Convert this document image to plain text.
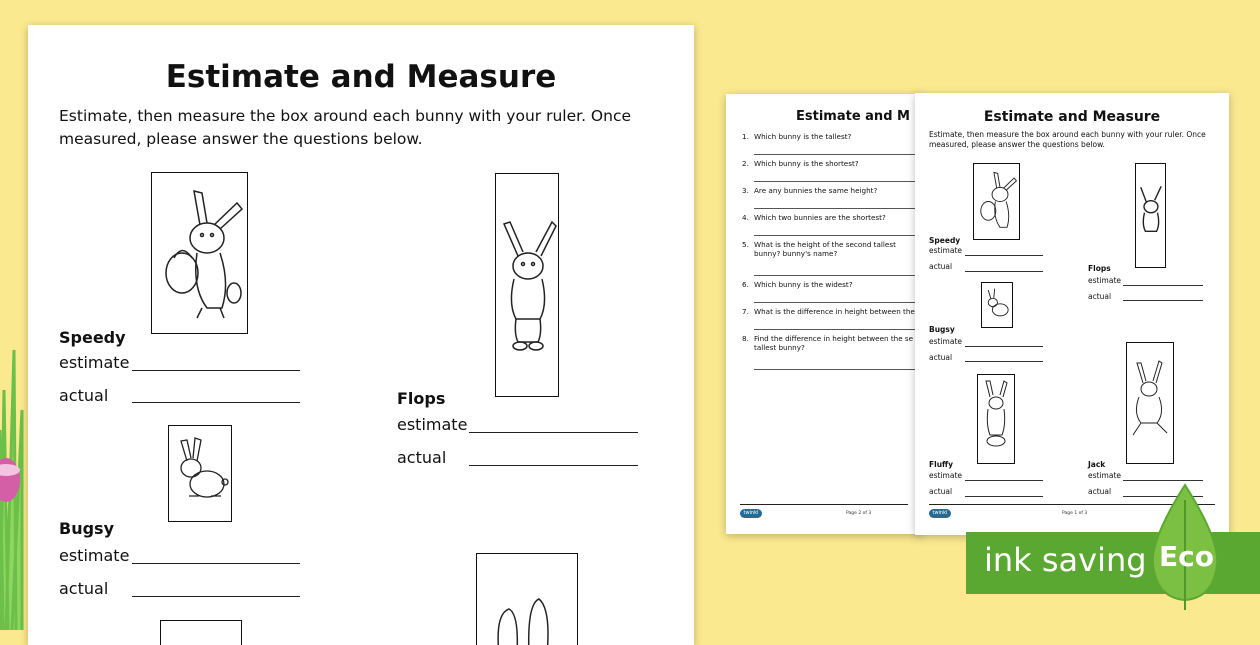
Estimate and Measure
Estimate, then measure the box around each bunny with your ruler. Once measured, please answer the questions below.
Speedy
estimate
actual	Flops
estimate
actual
Bugsy
estimate
actual
Estimate and M
1. Which bunny is the tallest?
2. Which bunny is the shortest?
3. Are any bunnies the same height?
4. Which two bunnies are the shortest?
5. What is the height of the second tallest bunny? bunny's name?
6. Which bunny is the widest?
7. What is the difference in height between the
8. Find the difference in height between the se tallest bunny?
twinkl	Page 2 of 3
Estimate and Measure
Estimate, then measure the box around each bunny with your ruler. Once measured, please answer the questions below.
Speedy
estimate
actual	Flops
estimate
actual
Bugsy
estimate
actual
Fluffy
estimate
actual
Jack
estimate
actual
twinkl	Page 1 of 3
ink saving Eco
